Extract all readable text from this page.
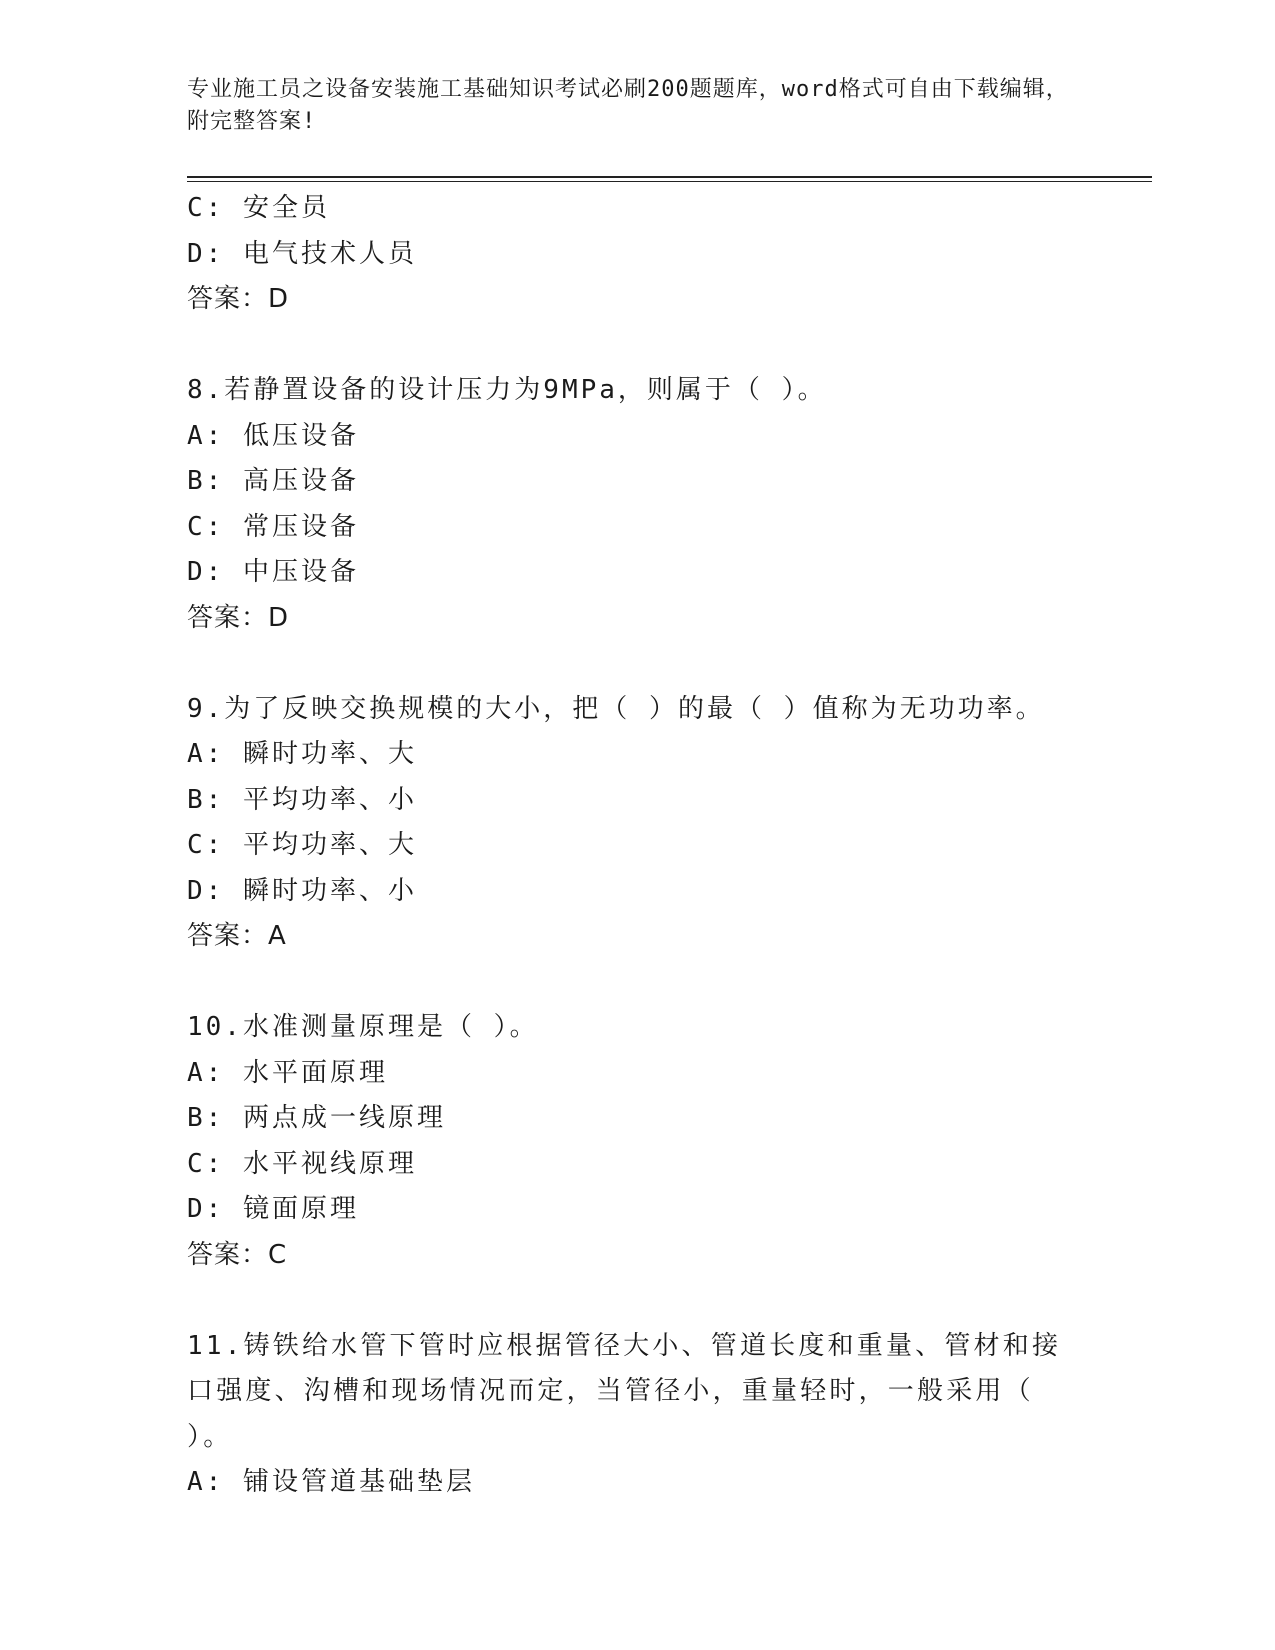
专业施工员之设备安装施工基础知识考试必刷200题题库，word格式可自由下载编辑，附完整答案!
C: 安全员
D: 电气技术人员
答案：D
8.若静置设备的设计压力为9MPa，则属于（ ）。
A: 低压设备
B: 高压设备
C: 常压设备
D: 中压设备
答案：D
9.为了反映交换规模的大小，把（ ）的最（ ）值称为无功功率。
A: 瞬时功率、大
B: 平均功率、小
C: 平均功率、大
D: 瞬时功率、小
答案：A
10.水准测量原理是（ ）。
A: 水平面原理
B: 两点成一线原理
C: 水平视线原理
D: 镜面原理
答案：C
11.铸铁给水管下管时应根据管径大小、管道长度和重量、管材和接口强度、沟槽和现场情况而定，当管径小，重量轻时，一般采用（ ）。
A: 铺设管道基础垫层
